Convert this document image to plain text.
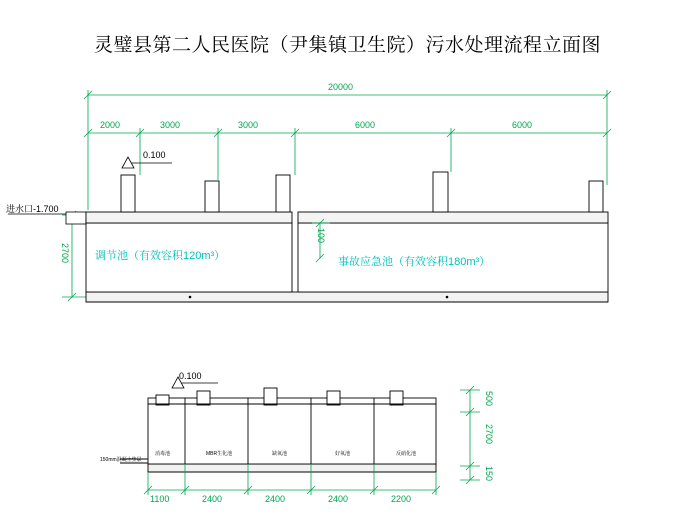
灵璧县第二人民医院（尹集镇卫生院）污水处理流程立面图
20000
2000	3000	3000	6000	6000
0.100
进水口-1.700
2700
100
调节池（有效容积120m³）	事故应急池（有效容积180m³）
0.100
150mm混凝土垫层
消毒池	MBR生化池	缺氧池	好氧池	反硝化池
500
2700
150
1100	2400	2400	2400	2200
